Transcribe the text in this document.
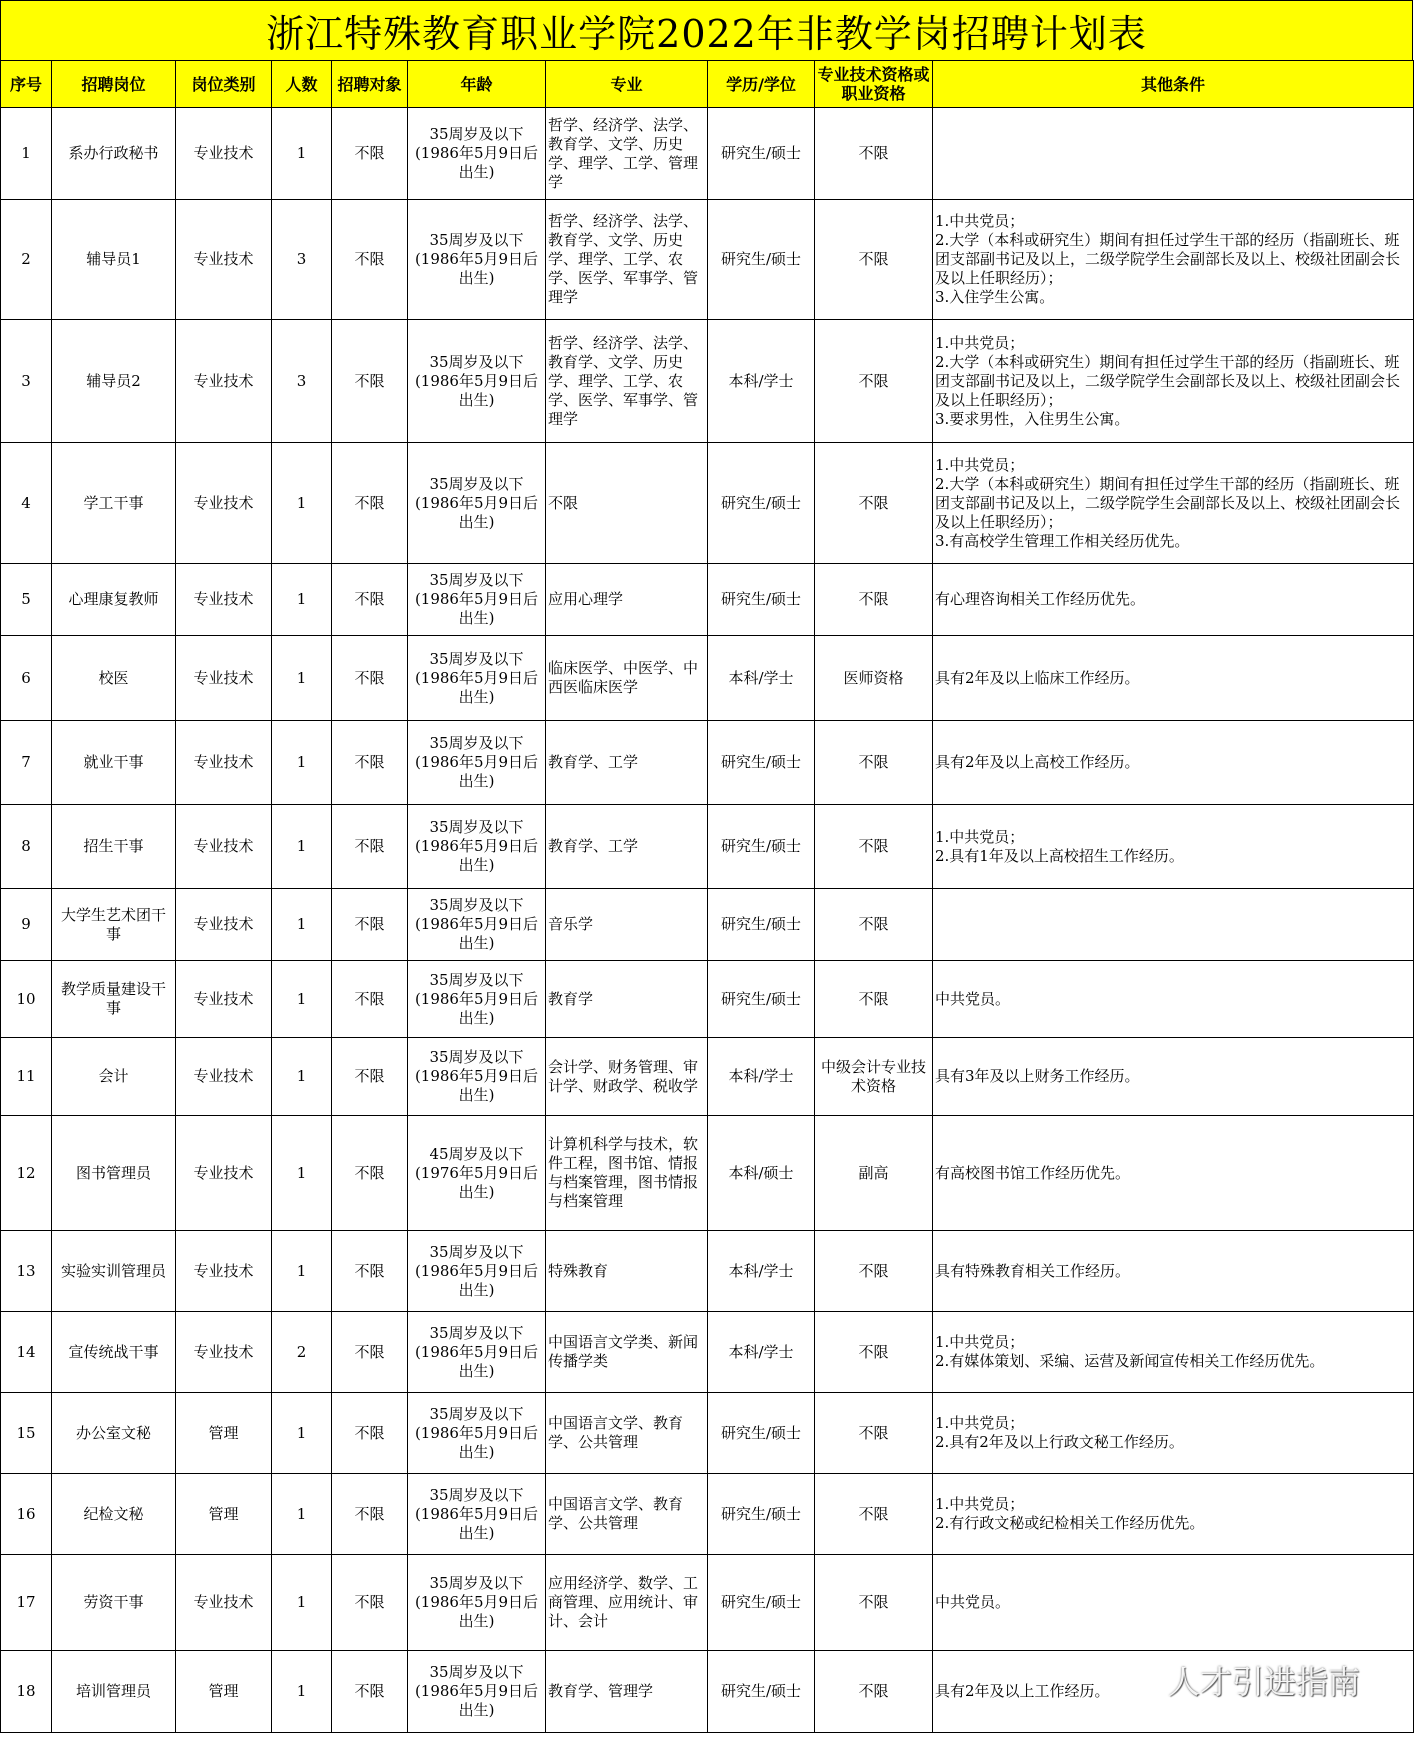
浙江特殊教育职业学院2022年非教学岗招聘计划表
序号	招聘岗位	岗位类别	人数	招聘对象	年龄	专业	学历/学位	专业技术资格或职业资格	其他条件
1	系办行政秘书	专业技术	1	不限	35周岁及以下(1986年5月9日后出生)	哲学、经济学、法学、教育学、文学、历史学、理学、工学、管理学	研究生/硕士	不限	
2	辅导员1	专业技术	3	不限	35周岁及以下(1986年5月9日后出生)	哲学、经济学、法学、教育学、文学、历史学、理学、工学、农学、医学、军事学、管理学	研究生/硕士	不限	1.中共党员；
2.大学（本科或研究生）期间有担任过学生干部的经历（指副班长、班团支部副书记及以上，二级学院学生会副部长及以上、校级社团副会长及以上任职经历）；
3.入住学生公寓。
3	辅导员2	专业技术	3	不限	35周岁及以下(1986年5月9日后出生)	哲学、经济学、法学、教育学、文学、历史学、理学、工学、农学、医学、军事学、管理学	本科/学士	不限	1.中共党员；
2.大学（本科或研究生）期间有担任过学生干部的经历（指副班长、班团支部副书记及以上，二级学院学生会副部长及以上、校级社团副会长及以上任职经历）；
3.要求男性，入住男生公寓。
4	学工干事	专业技术	1	不限	35周岁及以下(1986年5月9日后出生)	不限	研究生/硕士	不限	1.中共党员；
2.大学（本科或研究生）期间有担任过学生干部的经历（指副班长、班团支部副书记及以上，二级学院学生会副部长及以上、校级社团副会长及以上任职经历）；
3.有高校学生管理工作相关经历优先。
5	心理康复教师	专业技术	1	不限	35周岁及以下(1986年5月9日后出生)	应用心理学	研究生/硕士	不限	有心理咨询相关工作经历优先。
6	校医	专业技术	1	不限	35周岁及以下(1986年5月9日后出生)	临床医学、中医学、中西医临床医学	本科/学士	医师资格	具有2年及以上临床工作经历。
7	就业干事	专业技术	1	不限	35周岁及以下(1986年5月9日后出生)	教育学、工学	研究生/硕士	不限	具有2年及以上高校工作经历。
8	招生干事	专业技术	1	不限	35周岁及以下(1986年5月9日后出生)	教育学、工学	研究生/硕士	不限	1.中共党员；
2.具有1年及以上高校招生工作经历。
9	大学生艺术团干事	专业技术	1	不限	35周岁及以下(1986年5月9日后出生)	音乐学	研究生/硕士	不限	
10	教学质量建设干事	专业技术	1	不限	35周岁及以下(1986年5月9日后出生)	教育学	研究生/硕士	不限	中共党员。
11	会计	专业技术	1	不限	35周岁及以下(1986年5月9日后出生)	会计学、财务管理、审计学、财政学、税收学	本科/学士	中级会计专业技术资格	具有3年及以上财务工作经历。
12	图书管理员	专业技术	1	不限	45周岁及以下(1976年5月9日后出生)	计算机科学与技术，软件工程，图书馆、情报与档案管理，图书情报与档案管理	本科/硕士	副高	有高校图书馆工作经历优先。
13	实验实训管理员	专业技术	1	不限	35周岁及以下(1986年5月9日后出生)	特殊教育	本科/学士	不限	具有特殊教育相关工作经历。
14	宣传统战干事	专业技术	2	不限	35周岁及以下(1986年5月9日后出生)	中国语言文学类、新闻传播学类	本科/学士	不限	1.中共党员；
2.有媒体策划、采编、运营及新闻宣传相关工作经历优先。
15	办公室文秘	管理	1	不限	35周岁及以下(1986年5月9日后出生)	中国语言文学、教育学、公共管理	研究生/硕士	不限	1.中共党员；
2.具有2年及以上行政文秘工作经历。
16	纪检文秘	管理	1	不限	35周岁及以下(1986年5月9日后出生)	中国语言文学、教育学、公共管理	研究生/硕士	不限	1.中共党员；
2.有行政文秘或纪检相关工作经历优先。
17	劳资干事	专业技术	1	不限	35周岁及以下(1986年5月9日后出生)	应用经济学、数学、工商管理、应用统计、审计、会计	研究生/硕士	不限	中共党员。
18	培训管理员	管理	1	不限	35周岁及以下(1986年5月9日后出生)	教育学、管理学	研究生/硕士	不限	具有2年及以上工作经历。 人才引进指南
